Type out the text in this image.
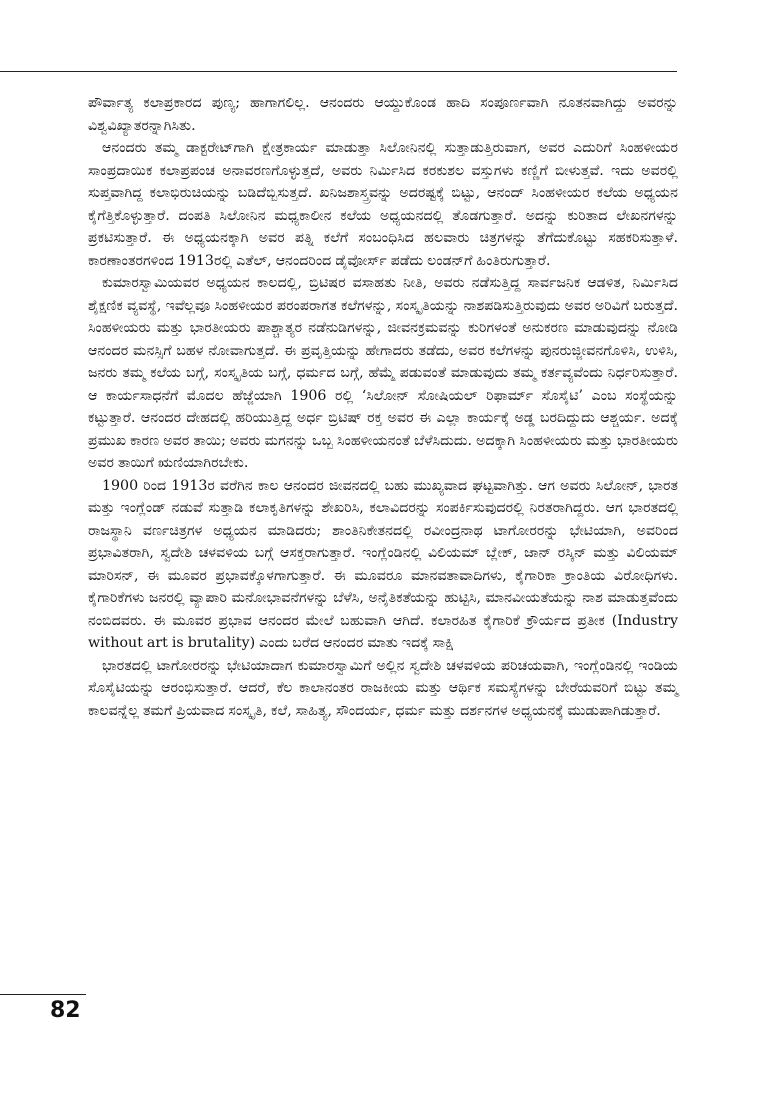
ಪೌರ್ವಾತ್ಯ ಕಲಾಪ್ರಕಾರದ ಪುಣ್ಯ; ಹಾಗಾಗಲಿಲ್ಲ. ಆನಂದರು ಆಯ್ದುಕೊಂಡ ಹಾದಿ ಸಂಪೂರ್ಣವಾಗಿ ನೂತನವಾಗಿದ್ದು ಅವರನ್ನು ವಿಶ್ವವಿಖ್ಯಾತರನ್ನಾಗಿಸಿತು.

ಆನಂದರು ತಮ್ಮ ಡಾಕ್ಟರೇಟ್‌ಗಾಗಿ ಕ್ಷೇತ್ರಕಾರ್ಯ ಮಾಡುತ್ತಾ ಸಿಲೋನಿನಲ್ಲಿ ಸುತ್ತಾಡುತ್ತಿರುವಾಗ, ಅವರ ಎದುರಿಗೆ ಸಿಂಹಳೀಯರ ಸಾಂಪ್ರದಾಯಿಕ ಕಲಾಪ್ರಪಂಚ ಅನಾವರಣಗೊಳ್ಳುತ್ತದೆ, ಅವರು ನಿರ್ಮಿಸಿದ ಕರಕುಶಲ ವಸ್ತುಗಳು ಕಣ್ಣಿಗೆ ಬೀಳುತ್ತವೆ. ಇದು ಅವರಲ್ಲಿ ಸುಪ್ತವಾಗಿದ್ದ ಕಲಾಭಿರುಚಿಯನ್ನು ಬಡಿದೆಬ್ಬಿಸುತ್ತದೆ. ಖನಿಜಶಾಸ್ತ್ರವನ್ನು ಅದರಷ್ಟಕ್ಕೆ ಬಿಟ್ಟು, ಆನಂದ್ ಸಿಂಹಳೀಯರ ಕಲೆಯ ಅಧ್ಯಯನ ಕೈಗೆತ್ತಿಕೊಳ್ಳುತ್ತಾರೆ. ದಂಪತಿ ಸಿಲೋನಿನ ಮಧ್ಯಕಾಲೀನ ಕಲೆಯ ಅಧ್ಯಯನದಲ್ಲಿ ತೊಡಗುತ್ತಾರೆ. ಅದನ್ನು ಕುರಿತಾದ ಲೇಖನಗಳನ್ನು ಪ್ರಕಟಿಸುತ್ತಾರೆ. ಈ ಅಧ್ಯಯನಕ್ಕಾಗಿ ಅವರ ಪತ್ನಿ ಕಲೆಗೆ ಸಂಬಂಧಿಸಿದ ಹಲವಾರು ಚಿತ್ರಗಳನ್ನು ತೆಗೆದುಕೊಟ್ಟು ಸಹಕರಿಸುತ್ತಾಳೆ. ಕಾರಣಾಂತರಗಳಿಂದ 1913ರಲ್ಲಿ ಎತೆಲ್, ಆನಂದರಿಂದ ಡೈವೋರ್ಸ್ ಪಡೆದು ಲಂಡನ್‌ಗೆ ಹಿಂತಿರುಗುತ್ತಾರೆ.

ಕುಮಾರಸ್ವಾಮಿಯವರ ಅಧ್ಯಯನ ಕಾಲದಲ್ಲಿ, ಬ್ರಿಟಿಷರ ವಸಾಹತು ನೀತಿ, ಅವರು ನಡೆಸುತ್ತಿದ್ದ ಸಾರ್ವಜನಿಕ ಆಡಳಿತ, ನಿರ್ಮಿಸಿದ ಶೈಕ್ಷಣಿಕ ವ್ಯವಸ್ಥೆ, ಇವೆಲ್ಲವೂ ಸಿಂಹಳೀಯರ ಪರಂಪರಾಗತ ಕಲೆಗಳನ್ನು, ಸಂಸ್ಕೃತಿಯನ್ನು ನಾಶಪಡಿಸುತ್ತಿರುವುದು ಅವರ ಅರಿವಿಗೆ ಬರುತ್ತದೆ. ಸಿಂಹಳೀಯರು ಮತ್ತು ಭಾರತೀಯರು ಪಾಶ್ಚಾತ್ಯರ ನಡೆನುಡಿಗಳನ್ನು, ಜೀವನಕ್ರಮವನ್ನು ಕುರಿಗಳಂತೆ ಅನುಕರಣ ಮಾಡುವುದನ್ನು ನೋಡಿ ಆನಂದರ ಮನಸ್ಸಿಗೆ ಬಹಳ ನೋವಾಗುತ್ತದೆ. ಈ ಪ್ರವೃತ್ತಿಯನ್ನು ಹೇಗಾದರು ತಡೆದು, ಅವರ ಕಲೆಗಳನ್ನು ಪುನರುಜ್ಜೀವನಗೊಳಿಸಿ, ಉಳಿಸಿ, ಜನರು ತಮ್ಮ ಕಲೆಯ ಬಗ್ಗೆ, ಸಂಸ್ಕೃತಿಯ ಬಗ್ಗೆ, ಧರ್ಮದ ಬಗ್ಗೆ, ಹೆಮ್ಮೆ ಪಡುವಂತೆ ಮಾಡುವುದು ತಮ್ಮ ಕರ್ತವ್ಯವೆಂದು ನಿರ್ಧರಿಸುತ್ತಾರೆ. ಆ ಕಾರ್ಯಸಾಧನೆಗೆ ಮೊದಲ ಹೆಜ್ಜೆಯಾಗಿ 1906 ರಲ್ಲಿ ‘ಸಿಲೋನ್ ಸೋಷಿಯಲ್ ರಿಫಾರ್ಮ್ ಸೊಸೈಟಿ’ ಎಂಬ ಸಂಸ್ಥೆಯನ್ನು ಕಟ್ಟುತ್ತಾರೆ. ಆನಂದರ ದೇಹದಲ್ಲಿ ಹರಿಯುತ್ತಿದ್ದ ಅರ್ಧ ಬ್ರಿಟಿಷ್ ರಕ್ತ ಅವರ ಈ ಎಲ್ಲಾ ಕಾರ್ಯಕ್ಕೆ ಅಡ್ಡ ಬರದಿದ್ದುದು ಆಶ್ಚರ್ಯ. ಅದಕ್ಕೆ ಪ್ರಮುಖ ಕಾರಣ ಅವರ ತಾಯಿ; ಅವರು ಮಗನನ್ನು ಒಬ್ಬ ಸಿಂಹಳೀಯನಂತೆ ಬೆಳೆಸಿದುದು. ಅದಕ್ಕಾಗಿ ಸಿಂಹಳೀಯರು ಮತ್ತು ಭಾರತೀಯರು ಅವರ ತಾಯಿಗೆ ಋಣಿಯಾಗಿರಬೇಕು.

1900 ರಿಂದ 1913ರ ವರೆಗಿನ ಕಾಲ ಆನಂದರ ಜೀವನದಲ್ಲಿ ಬಹು ಮುಖ್ಯವಾದ ಘಟ್ಟವಾಗಿತ್ತು. ಆಗ ಅವರು ಸಿಲೋನ್, ಭಾರತ ಮತ್ತು ಇಂಗ್ಲೆಂಡ್ ನಡುವೆ ಸುತ್ತಾಡಿ ಕಲಾಕೃತಿಗಳನ್ನು ಶೇಖರಿಸಿ, ಕಲಾವಿದರನ್ನು ಸಂಪರ್ಕಿಸುವುದರಲ್ಲಿ ನಿರತರಾಗಿದ್ದರು. ಆಗ ಭಾರತದಲ್ಲಿ ರಾಜಸ್ಥಾನಿ ವರ್ಣಚಿತ್ರಗಳ ಅಧ್ಯಯನ ಮಾಡಿದರು; ಶಾಂತಿನಿಕೇತನದಲ್ಲಿ ರವೀಂದ್ರನಾಥ ಟಾಗೋರರನ್ನು ಭೇಟಿಯಾಗಿ, ಅವರಿಂದ ಪ್ರಭಾವಿತರಾಗಿ, ಸ್ವದೇಶಿ ಚಳವಳಿಯ ಬಗ್ಗೆ ಆಸಕ್ತರಾಗುತ್ತಾರೆ. ಇಂಗ್ಲೆಂಡಿನಲ್ಲಿ ವಿಲಿಯಮ್ ಬ್ಲೇಕ್, ಜಾನ್ ರಸ್ಕಿನ್ ಮತ್ತು ವಿಲಿಯಮ್ ಮಾರಿಸನ್, ಈ ಮೂವರ ಪ್ರಭಾವಕ್ಕೊಳಗಾಗುತ್ತಾರೆ. ಈ ಮೂವರೂ ಮಾನವತಾವಾದಿಗಳು, ಕೈಗಾರಿಕಾ ಕ್ರಾಂತಿಯ ವಿರೋಧಿಗಳು. ಕೈಗಾರಿಕೆಗಳು ಜನರಲ್ಲಿ ವ್ಯಾಪಾರಿ ಮನೋಭಾವನೆಗಳನ್ನು ಬೆಳೆಸಿ, ಅನೈತಿಕತೆಯನ್ನು ಹುಟ್ಟಿಸಿ, ಮಾನವೀಯತೆಯನ್ನು ನಾಶ ಮಾಡುತ್ತವೆಂದು ನಂಬಿದವರು. ಈ ಮೂವರ ಪ್ರಭಾವ ಆನಂದರ ಮೇಲೆ ಬಹುವಾಗಿ ಆಗಿದೆ. ಕಲಾರಹಿತ ಕೈಗಾರಿಕೆ ಕ್ರೌರ್ಯದ ಪ್ರತೀಕ (Industry without art is brutality) ಎಂದು ಬರೆದ ಆನಂದರ ಮಾತು ಇದಕ್ಕೆ ಸಾಕ್ಷಿ

ಭಾರತದಲ್ಲಿ ಟಾಗೋರರನ್ನು ಭೇಟಿಯಾದಾಗ ಕುಮಾರಸ್ವಾಮಿಗೆ ಅಲ್ಲಿನ ಸ್ವದೇಶಿ ಚಳವಳಿಯ ಪರಿಚಯವಾಗಿ, ಇಂಗ್ಲೆಂಡಿನಲ್ಲಿ ಇಂಡಿಯ ಸೊಸೈಟಿಯನ್ನು ಆರಂಭಿಸುತ್ತಾರೆ. ಆದರೆ, ಕೆಲ ಕಾಲಾನಂತರ ರಾಜಕೀಯ ಮತ್ತು ಆರ್ಥಿಕ ಸಮಸ್ಯೆಗಳನ್ನು ಬೇರೆಯವರಿಗೆ ಬಿಟ್ಟು ತಮ್ಮ ಕಾಲವನ್ನೆಲ್ಲ ತಮಗೆ ಪ್ರಿಯವಾದ ಸಂಸ್ಕೃತಿ, ಕಲೆ, ಸಾಹಿತ್ಯ, ಸೌಂದರ್ಯ, ಧರ್ಮ ಮತ್ತು ದರ್ಶನಗಳ ಅಧ್ಯಯನಕ್ಕೆ ಮುಡುಪಾಗಿಡುತ್ತಾರೆ.

82
